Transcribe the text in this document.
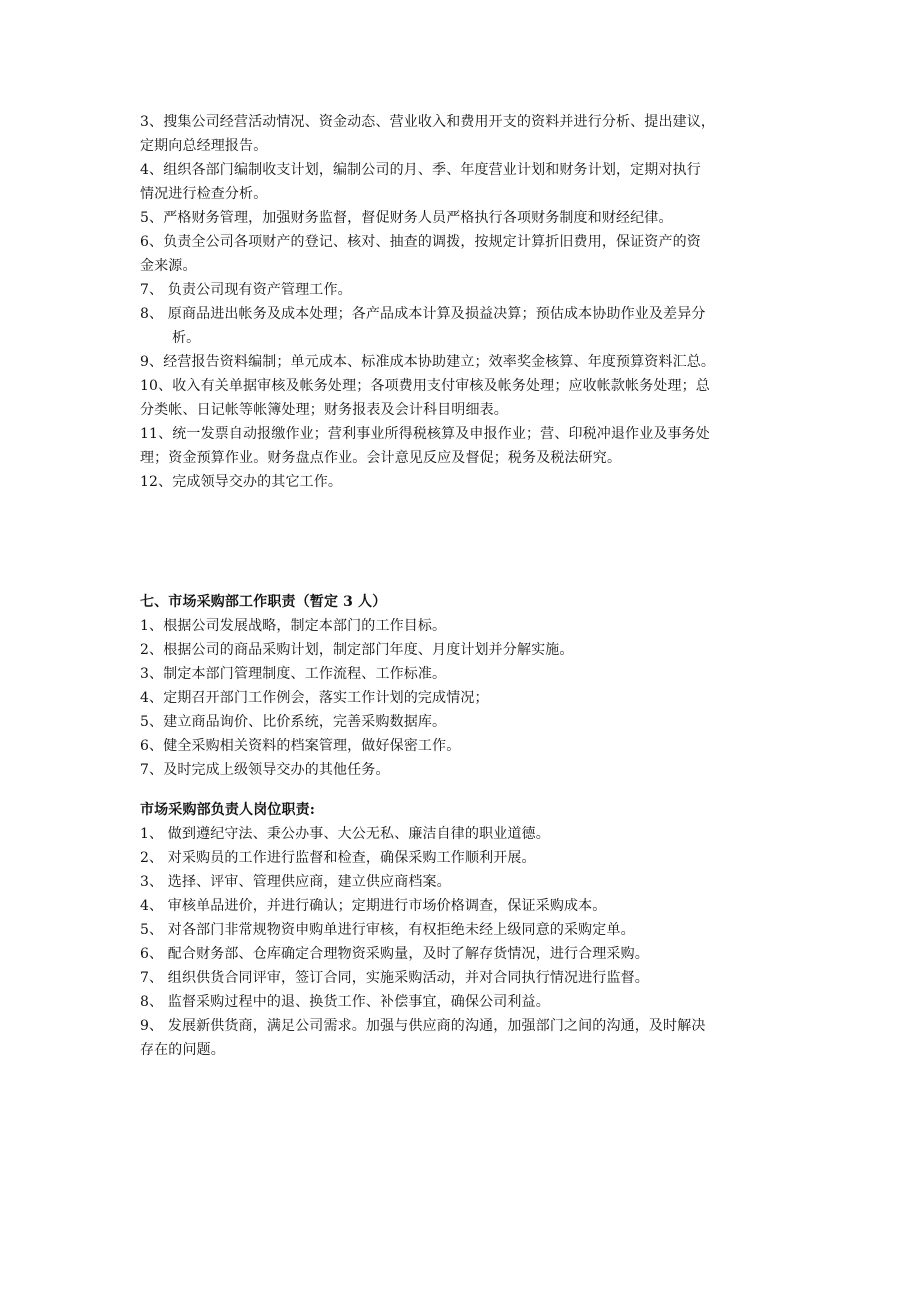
3、搜集公司经营活动情况、资金动态、营业收入和费用开支的资料并进行分析、提出建议，
定期向总经理报告。
4、组织各部门编制收支计划，编制公司的月、季、年度营业计划和财务计划，定期对执行
情况进行检查分析。
5、严格财务管理，加强财务监督，督促财务人员严格执行各项财务制度和财经纪律。
6、负责全公司各项财产的登记、核对、抽查的调拨，按规定计算折旧费用，保证资产的资
金来源。
7、 负责公司现有资产管理工作。
8、 原商品进出帐务及成本处理；各产品成本计算及损益决算；预估成本协助作业及差异分
析。
9、经营报告资料编制；单元成本、标准成本协助建立；效率奖金核算、年度预算资料汇总。
10、收入有关单据审核及帐务处理；各项费用支付审核及帐务处理；应收帐款帐务处理；总
分类帐、日记帐等帐簿处理；财务报表及会计科目明细表。
11、统一发票自动报缴作业；营利事业所得税核算及申报作业；营、印税冲退作业及事务处
理；资金预算作业。财务盘点作业。会计意见反应及督促；税务及税法研究。
12、完成领导交办的其它工作。
七、市场采购部工作职责（暂定 3 人）
1、根据公司发展战略，制定本部门的工作目标。
2、根据公司的商品采购计划，制定部门年度、月度计划并分解实施。
3、制定本部门管理制度、工作流程、工作标准。
4、定期召开部门工作例会，落实工作计划的完成情况；
5、建立商品询价、比价系统，完善采购数据库。
6、健全采购相关资料的档案管理，做好保密工作。
7、及时完成上级领导交办的其他任务。
市场采购部负责人岗位职责:
1、 做到遵纪守法、秉公办事、大公无私、廉洁自律的职业道德。
2、 对采购员的工作进行监督和检查，确保采购工作顺利开展。
3、 选择、评审、管理供应商，建立供应商档案。
4、 审核单品进价，并进行确认；定期进行市场价格调查，保证采购成本。
5、 对各部门非常规物资申购单进行审核，有权拒绝未经上级同意的采购定单。
6、 配合财务部、仓库确定合理物资采购量，及时了解存货情况，进行合理采购。
7、 组织供货合同评审，签订合同，实施采购活动，并对合同执行情况进行监督。
8、 监督采购过程中的退、换货工作、补偿事宜，确保公司利益。
9、 发展新供货商，满足公司需求。加强与供应商的沟通，加强部门之间的沟通，及时解决
存在的问题。
